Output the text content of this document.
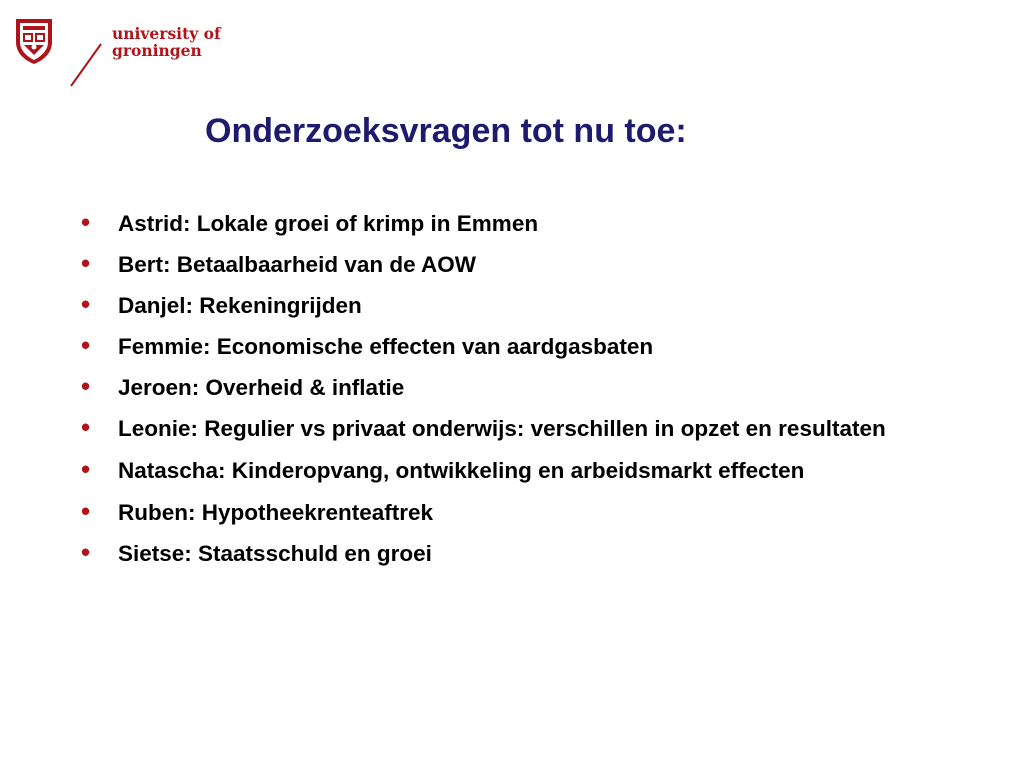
university of
groningen
Onderzoeksvragen tot nu toe:
• Astrid: Lokale groei of krimp in Emmen
• Bert: Betaalbaarheid van de AOW
• Danjel: Rekeningrijden
• Femmie: Economische effecten van aardgasbaten
• Jeroen: Overheid & inflatie
• Leonie: Regulier vs privaat onderwijs: verschillen in opzet en resultaten
• Natascha: Kinderopvang, ontwikkeling en arbeidsmarkt effecten
• Ruben: Hypotheekrenteaftrek
• Sietse: Staatsschuld en groei
